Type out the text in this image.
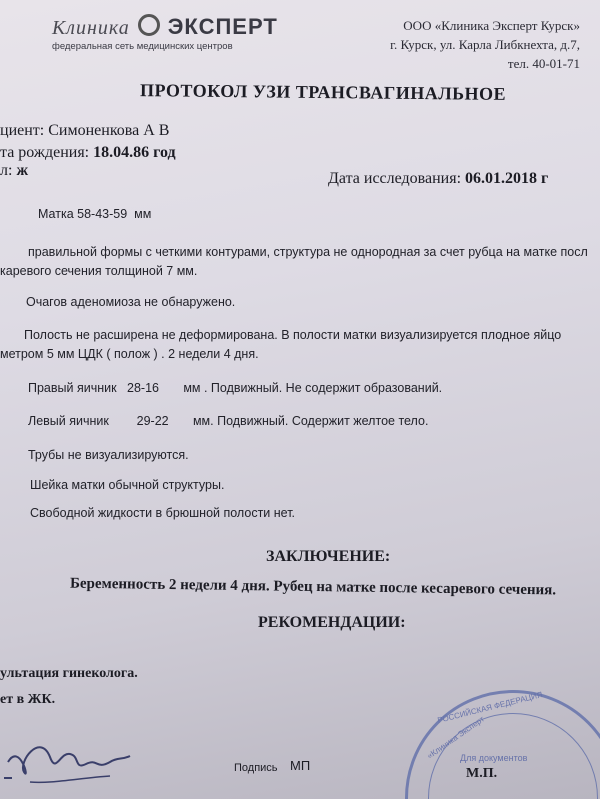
Клиника ЭКСПЕРТ
федеральная сеть медицинских центров
ООО «Клиника Эксперт Курск»
г. Курск, ул. Карла Либкнехта, д.7,
тел. 40-01-71
ПРОТОКОЛ УЗИ ТРАНСВАГИНАЛЬНОЕ
циент: Симоненкова А В
та рождения: 18.04.86 год
л: ж	Дата исследования: 06.01.2018 г
Матка 58-43-59 мм
правильной формы с четкими контурами, структура не однородная за счет рубца на матке посл
каревого сечения толщиной 7 мм.
Очагов аденомиоза не обнаружено.
Полость не расширена не деформирована. В полости матки визуализируется плодное яйцо
метром 5 мм ЦДК ( полож ) . 2 недели 4 дня.
Правый яичник 28-16 мм . Подвижный. Не содержит образований.
Левый яичник 29-22 мм. Подвижный. Содержит желтое тело.
Трубы не визуализируются.
Шейка матки обычной структуры.
Свободной жидкости в брюшной полости нет.
ЗАКЛЮЧЕНИЕ:
Беременность 2 недели 4 дня. Рубец на матке после кесаревого сечения.
РЕКОМЕНДАЦИИ:
ультация гинеколога.
ет в ЖК.
Подпись МП
РОССИЙСКАЯ ФЕДЕРАЦИЯ
«Клиника Эксперт
Для документов
М.П.
